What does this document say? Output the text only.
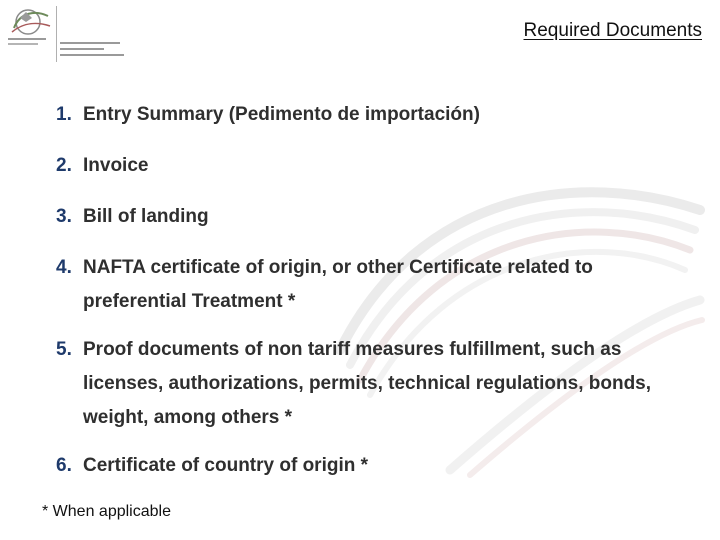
Required Documents
1. Entry Summary (Pedimento de importación)
2. Invoice
3. Bill of landing
4. NAFTA certificate of origin, or other Certificate related to preferential Treatment *
5. Proof documents of non tariff measures fulfillment, such as licenses, authorizations, permits, technical regulations, bonds, weight, among others *
6. Certificate of country of origin *
* When applicable
